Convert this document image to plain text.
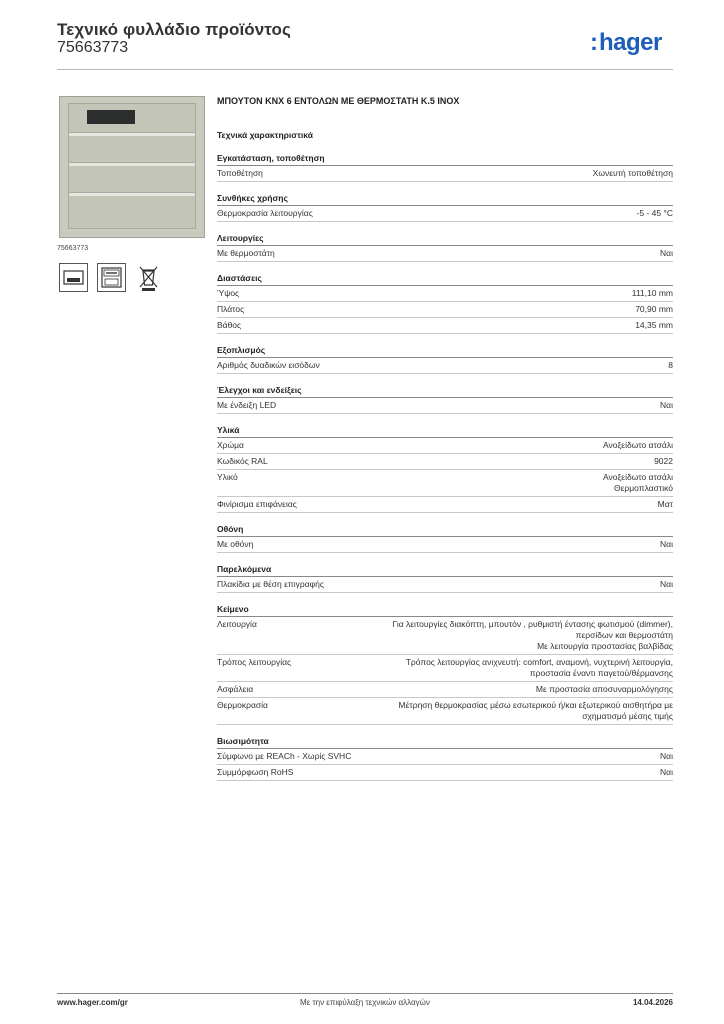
Τεχνικό φυλλάδιο προϊόντος
75663773	:hager
75663773
ΜΠΟΥΤΟΝ KNX 6 ΕΝΤΟΛΩΝ ΜΕ ΘΕΡΜΟΣΤΑΤΗ Κ.5 INOX
Τεχνικά χαρακτηριστικά
Εγκατάσταση, τοποθέτηση
Τοποθέτηση	Χωνευτή τοποθέτηση
Συνθήκες χρήσης
Θερμοκρασία λειτουργίας	-5 - 45 °C
Λειτουργίες
Με θερμοστάτη	Ναι
Διαστάσεις
Ύψος	111,10 mm
Πλάτος	70,90 mm
Βάθος	14,35 mm
Εξοπλισμός
Αριθμός δυαδικών εισόδων	8
Έλεγχοι και ενδείξεις
Με ένδειξη LED	Ναι
Υλικά
Χρώμα	Ανοξείδωτο ατσάλι
Κωδικός RAL	9022
Υλικό	Ανοξείδωτο ατσάλι
Θερμοπλαστικό
Φινίρισμα επιφάνειας	Ματ
Οθόνη
Με οθόνη	Ναι
Παρελκόμενα
Πλακίδια με θέση επιγραφής	Ναι
Κείμενο
Λειτουργία	Για λειτουργίες διακόπτη, μπουτόν , ρυθμιστή έντασης φωτισμού (dimmer),
περσίδων και θερμοστάτη
Με λειτουργία προστασίας βαλβίδας
Τρόπος λειτουργίας	Τρόπος λειτουργίας ανιχνευτή: comfort, αναμονή, νυχτερινή λειτουργία,
προστασία έναντι παγετού/θέρμανσης
Ασφάλεια	Με προστασία αποσυναρμολόγησης
Θερμοκρασία	Μέτρηση θερμοκρασίας μέσω εσωτερικού ή/και εξωτερικού αισθητήρα με
σχηματισμό μέσης τιμής
Βιωσιμότητα
Σύμφωνο με REACh - Χωρίς SVHC	Ναι
Συμμόρφωση RoHS	Ναι
www.hager.com/gr	Με την επιφύλαξη τεχνικών αλλαγών	14.04.2026
